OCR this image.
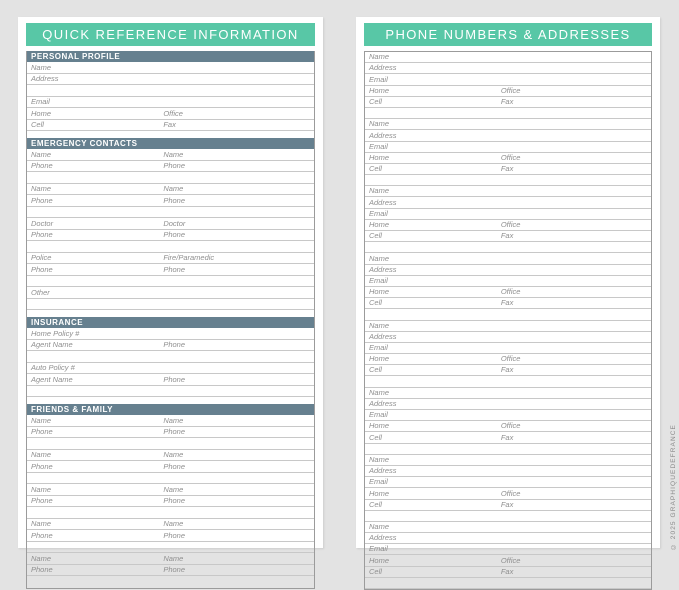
QUICK REFERENCE INFORMATION
PERSONAL PROFILE
Name
Address
Email
Home	Office
Cell	Fax
EMERGENCY CONTACTS
Name	Name
Phone	Phone
Name	Name
Phone	Phone
Doctor	Doctor
Phone	Phone
Police	Fire/Paramedic
Phone	Phone
Other
INSURANCE
Home Policy #
Agent Name	Phone
Auto Policy #
Agent Name	Phone
FRIENDS & FAMILY
Name	Name
Phone	Phone
Name	Name
Phone	Phone
Name	Name
Phone	Phone
Name	Name
Phone	Phone
Name	Name
Phone	Phone
PHONE NUMBERS & ADDRESSES
Name
Address
Email
Home	Office
Cell	Fax
Name
Address
Email
Home	Office
Cell	Fax
Name
Address
Email
Home	Office
Cell	Fax
Name
Address
Email
Home	Office
Cell	Fax
Name
Address
Email
Home	Office
Cell	Fax
Name
Address
Email
Home	Office
Cell	Fax
Name
Address
Email
Home	Office
Cell	Fax
Name
Address
Email
Home	Office
Cell	Fax
© 2025 GRAPHIQUEDEFRANCE
